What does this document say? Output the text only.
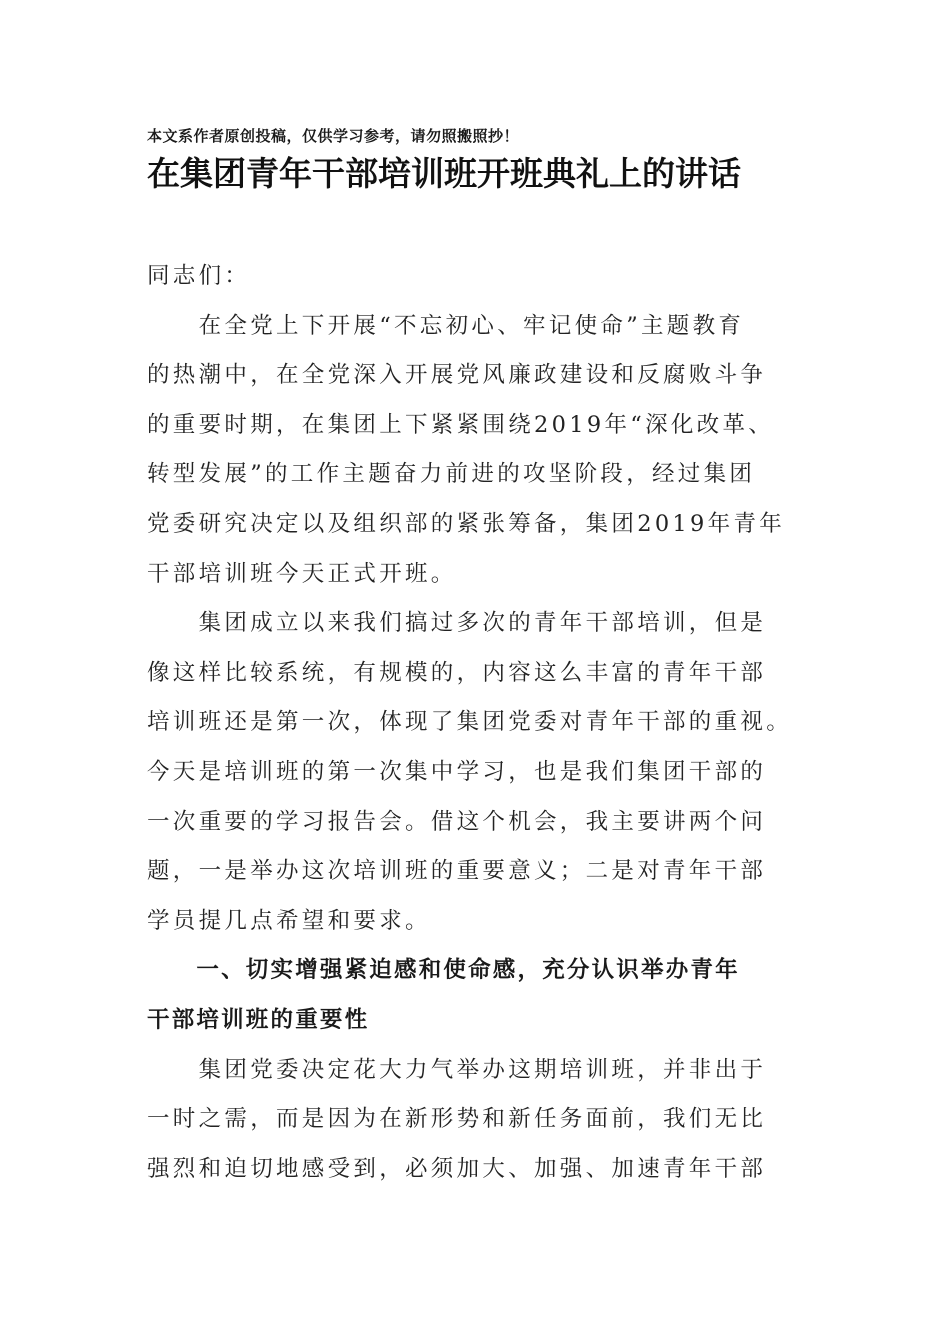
本文系作者原创投稿，仅供学习参考，请勿照搬照抄！
在集团青年干部培训班开班典礼上的讲话
同志们：
　　在全党上下开展“不忘初心、牢记使命”主题教育
的热潮中，在全党深入开展党风廉政建设和反腐败斗争
的重要时期，在集团上下紧紧围绕2019年“深化改革、
转型发展”的工作主题奋力前进的攻坚阶段，经过集团
党委研究决定以及组织部的紧张筹备，集团2019年青年
干部培训班今天正式开班。
　　集团成立以来我们搞过多次的青年干部培训，但是
像这样比较系统，有规模的，内容这么丰富的青年干部
培训班还是第一次，体现了集团党委对青年干部的重视。
今天是培训班的第一次集中学习，也是我们集团干部的
一次重要的学习报告会。借这个机会，我主要讲两个问
题，一是举办这次培训班的重要意义；二是对青年干部
学员提几点希望和要求。
　　一、切实增强紧迫感和使命感，充分认识举办青年
干部培训班的重要性
　　集团党委决定花大力气举办这期培训班，并非出于
一时之需，而是因为在新形势和新任务面前，我们无比
强烈和迫切地感受到，必须加大、加强、加速青年干部
